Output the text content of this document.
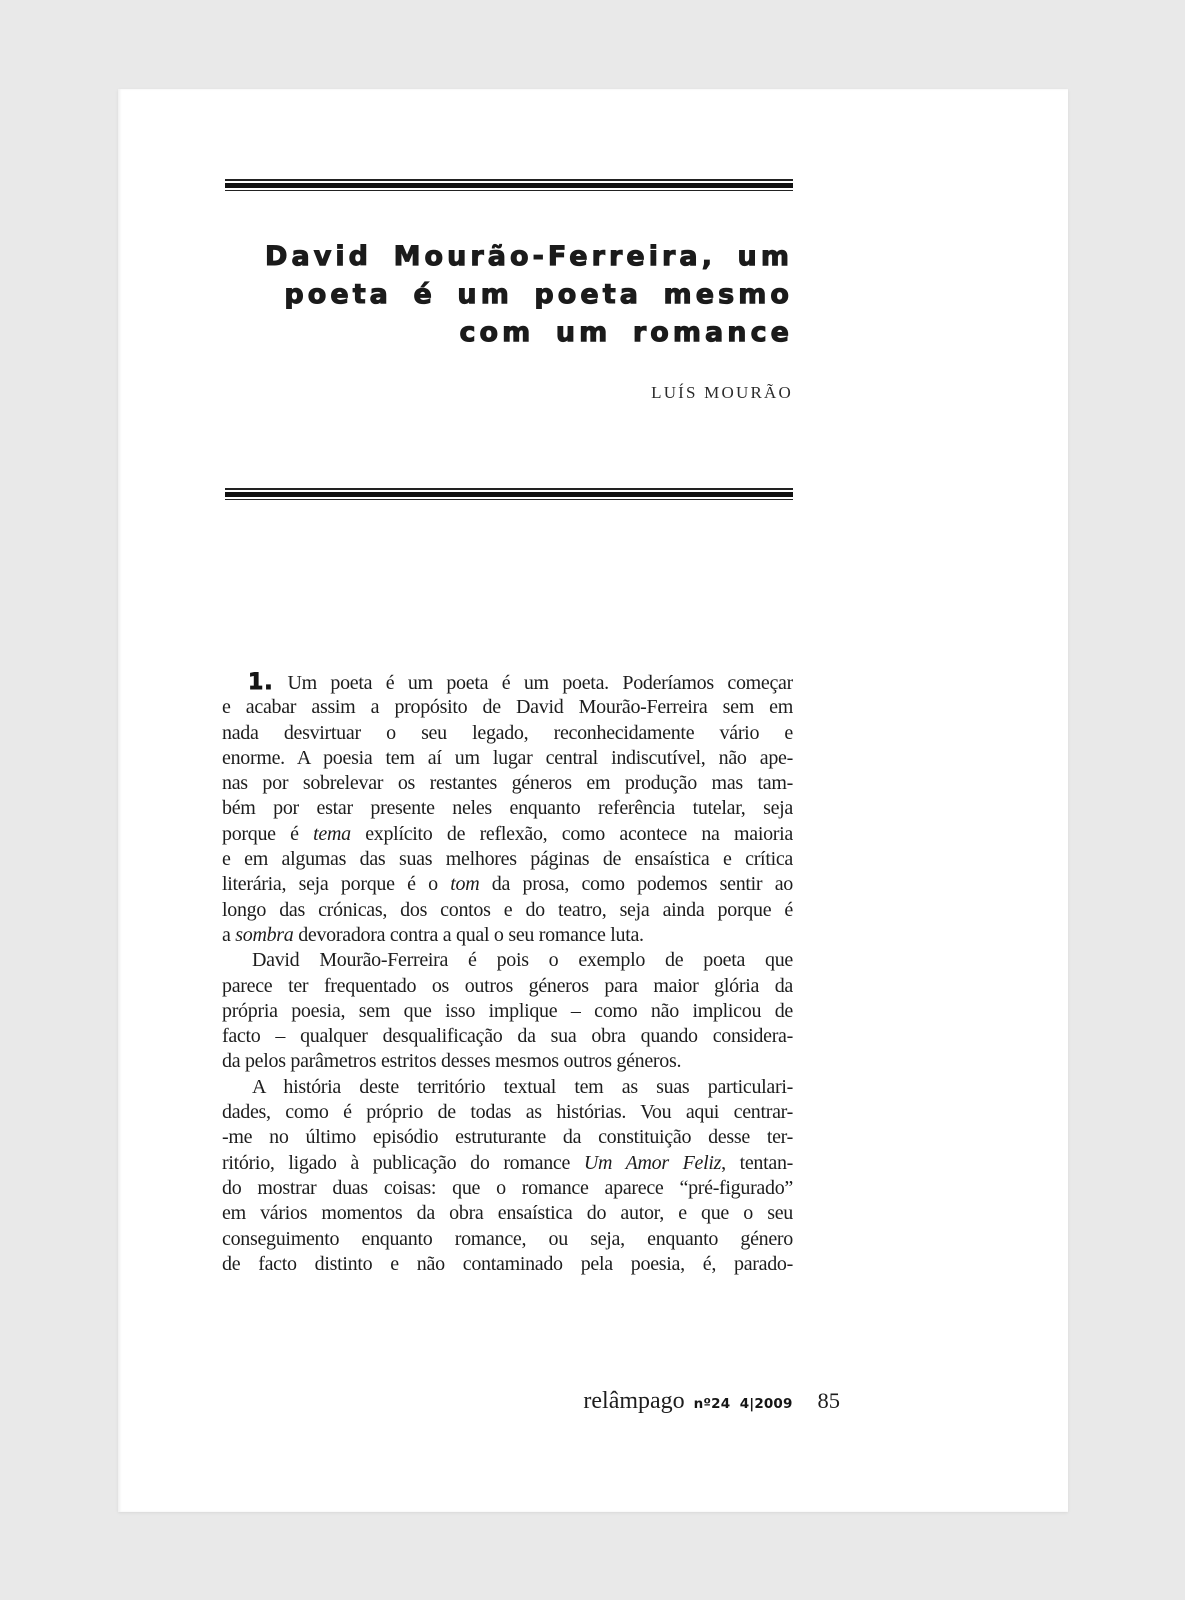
David Mourão-Ferreira, um
poeta é um poeta mesmo
com um romance
LUÍS MOURÃO
1. Um poeta é um poeta é um poeta. Poderíamos começar
e acabar assim a propósito de David Mourão-Ferreira sem em
nada desvirtuar o seu legado, reconhecidamente vário e
enorme. A poesia tem aí um lugar central indiscutível, não ape-
nas por sobrelevar os restantes géneros em produção mas tam-
bém por estar presente neles enquanto referência tutelar, seja
porque é tema explícito de reflexão, como acontece na maioria
e em algumas das suas melhores páginas de ensaística e crítica
literária, seja porque é o tom da prosa, como podemos sentir ao
longo das crónicas, dos contos e do teatro, seja ainda porque é
a sombra devoradora contra a qual o seu romance luta.
David Mourão-Ferreira é pois o exemplo de poeta que
parece ter frequentado os outros géneros para maior glória da
própria poesia, sem que isso implique – como não implicou de
facto – qualquer desqualificação da sua obra quando considera-
da pelos parâmetros estritos desses mesmos outros géneros.
A história deste território textual tem as suas particulari-
dades, como é próprio de todas as histórias. Vou aqui centrar-
-me no último episódio estruturante da constituição desse ter-
ritório, ligado à publicação do romance Um Amor Feliz, tentan-
do mostrar duas coisas: que o romance aparece “pré-figurado”
em vários momentos da obra ensaística do autor, e que o seu
conseguimento enquanto romance, ou seja, enquanto género
de facto distinto e não contaminado pela poesia, é, parado-
relâmpago nº24 4|2009 85
